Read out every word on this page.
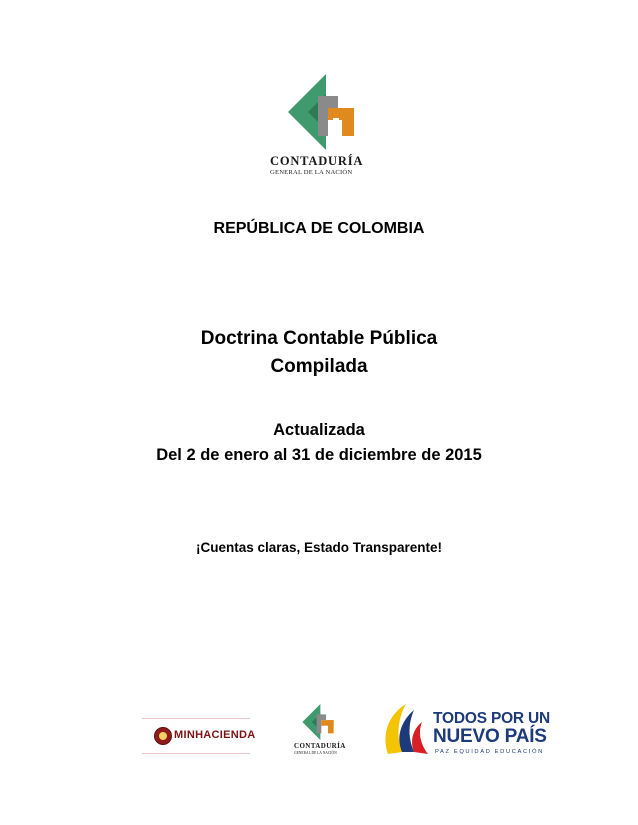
CONTADURÍA
GENERAL DE LA NACIÓN
REPÚBLICA DE COLOMBIA
Doctrina Contable Pública
Compilada
Actualizada
Del 2 de enero al 31 de diciembre de 2015
¡Cuentas claras, Estado Transparente!
MINHACIENDA
CONTADURÍA
GENERAL DE LA NACIÓN
TODOS POR UN
NUEVO PAÍS
PAZ EQUIDAD EDUCACIÓN
